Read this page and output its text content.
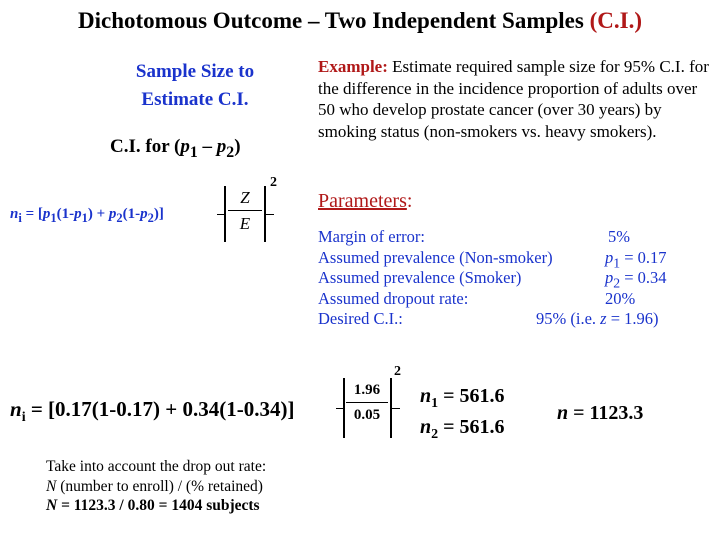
Dichotomous Outcome – Two Independent Samples (C.I.)
Sample Size to
Estimate C.I.
C.I. for $(p_1 - p_2)$
$n_i = [p_1(1-p_1) + p_2(1-p_2)]$	$\frac{Z}{E}$
2
Example: Estimate required sample size for 95% C.I. for the difference in the incidence proportion of adults over 50 who develop prostate cancer (over 30 years) by smoking status (non-smokers vs. heavy smokers).
Parameters:
Margin of error:	5%
Assumed prevalence (Non-smoker)	$p_1 = 0.17$
Assumed prevalence (Smoker)	$p_2 = 0.34$
Assumed dropout rate:	20%
Desired C.I.:	95% (i.e. z = 1.96)
$n_i = [0.17(1-0.17) + 0.34(1-0.34)]$	$\frac{1.96}{0.05}$
2
$n_1 = 561.6$
$n_2 = 561.6$
n = 1123.3
Take into account the drop out rate:
N (number to enroll) / (% retained)
N = 1123.3 / 0.80 = 1404 subjects
